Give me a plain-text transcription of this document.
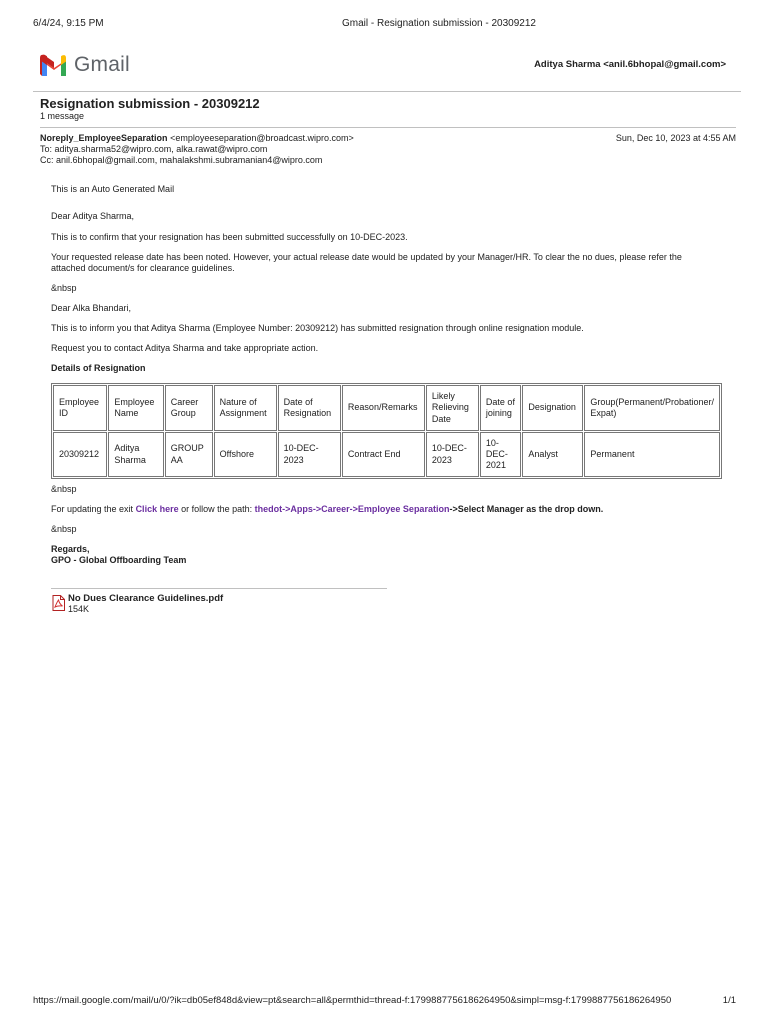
6/4/24, 9:15 PM	Gmail - Resignation submission - 20309212
Gmail	Aditya Sharma <anil.6bhopal@gmail.com>
Resignation submission - 20309212
1 message
Noreply_EmployeeSeparation <employeeseparation@broadcast.wipro.com>	Sun, Dec 10, 2023 at 4:55 AM
To: aditya.sharma52@wipro.com, alka.rawat@wipro.com
Cc: anil.6bhopal@gmail.com, mahalakshmi.subramanian4@wipro.com
This is an Auto Generated Mail
Dear Aditya Sharma,
This is to confirm that your resignation has been submitted successfully on 10-DEC-2023.
Your requested release date has been noted. However, your actual release date would be updated by your Manager/HR. To clear the no dues, please refer the
attached document/s for clearance guidelines.
&nbsp
Dear Alka Bhandari,
This is to inform you that Aditya Sharma (Employee Number: 20309212) has submitted resignation through online resignation module.
Request you to contact Aditya Sharma and take appropriate action.
Details of Resignation
Employee ID	Employee Name	Career Group	Nature of Assignment	Date of Resignation	Reason/Remarks	Likely Relieving Date	Date of joining	Designation	Group(Permanent/Probationer/ Expat)
20309212	Aditya Sharma	GROUP AA	Offshore	10-DEC-2023	Contract End	10-DEC-2023	10-DEC-2021	Analyst	Permanent
&nbsp
For updating the exit Click here or follow the path: thedot->Apps->Career->Employee Separation->Select Manager as the drop down.
&nbsp
Regards,
GPO - Global Offboarding Team
No Dues Clearance Guidelines.pdf
154K
https://mail.google.com/mail/u/0/?ik=db05ef848d&view=pt&search=all&permthid=thread-f:1799887756186264950&simpl=msg-f:1799887756186264950	1/1
